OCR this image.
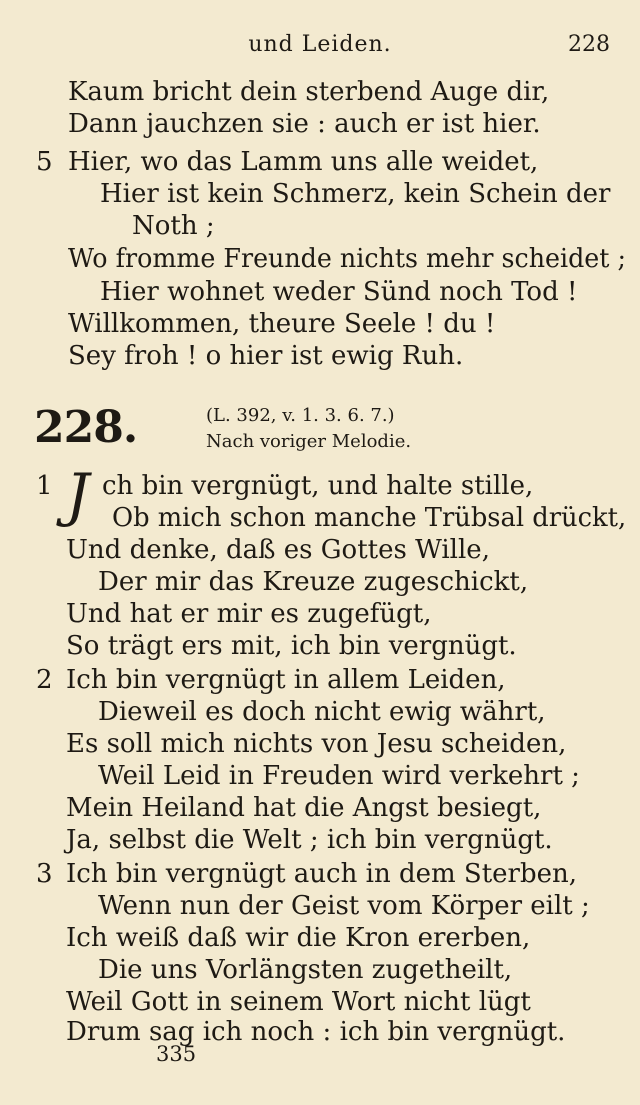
und Leiden.	228
Kaum bricht dein sterbend Auge dir,
Dann jauchzen sie : auch er ist hier.
5 Hier, wo das Lamm uns alle weidet,
Hier ist kein Schmerz, kein Schein der
Noth ;
Wo fromme Freunde nichts mehr scheidet ;
Hier wohnet weder Sünd noch Tod !
Willkommen, theure Seele ! du !
Sey froh ! o hier ist ewig Ruh.
228.	(L. 392, v. 1. 3. 6. 7.)
Nach voriger Melodie.
1 J ch bin vergnügt, und halte stille,
Ob mich schon manche Trübsal drückt,
Und denke, daß es Gottes Wille,
Der mir das Kreuze zugeschickt,
Und hat er mir es zugefügt,
So trägt ers mit, ich bin vergnügt.
2 Ich bin vergnügt in allem Leiden,
Dieweil es doch nicht ewig währt,
Es soll mich nichts von Jesu scheiden,
Weil Leid in Freuden wird verkehrt ;
Mein Heiland hat die Angst besiegt,
Ja, selbst die Welt ; ich bin vergnügt.
3 Ich bin vergnügt auch in dem Sterben,
Wenn nun der Geist vom Körper eilt ;
Ich weiß daß wir die Kron ererben,
Die uns Vorlängsten zugetheilt,
Weil Gott in seinem Wort nicht lügt
Drum sag ich noch : ich bin vergnügt.
335
